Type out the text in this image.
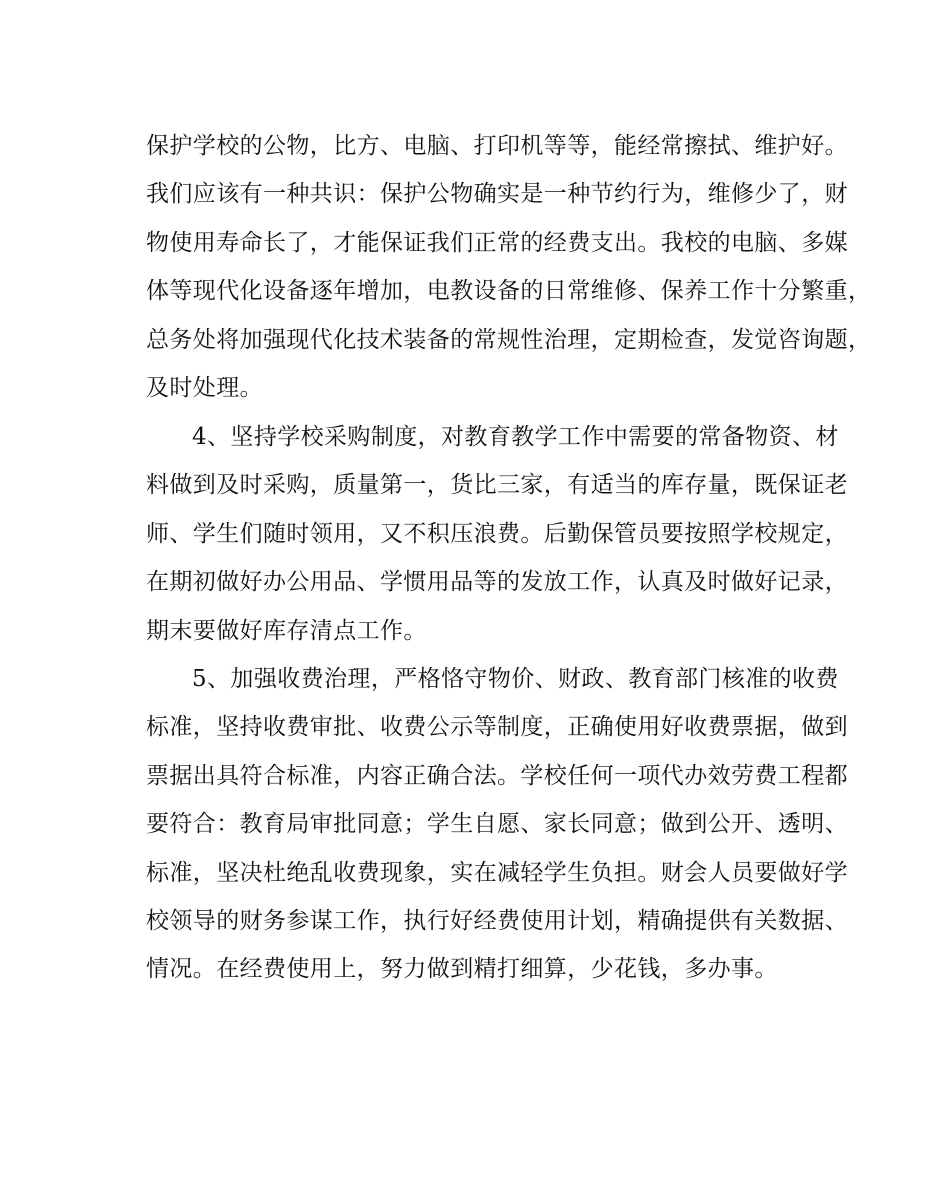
保护学校的公物，比方、电脑、打印机等等，能经常擦拭、维护好。
我们应该有一种共识：保护公物确实是一种节约行为，维修少了，财
物使用寿命长了，才能保证我们正常的经费支出。我校的电脑、多媒
体等现代化设备逐年增加，电教设备的日常维修、保养工作十分繁重，
总务处将加强现代化技术装备的常规性治理，定期检查，发觉咨询题，
及时处理。
4、坚持学校采购制度，对教育教学工作中需要的常备物资、材
料做到及时采购，质量第一，货比三家，有适当的库存量，既保证老
师、学生们随时领用，又不积压浪费。后勤保管员要按照学校规定，
在期初做好办公用品、学惯用品等的发放工作，认真及时做好记录，
期末要做好库存清点工作。
5、加强收费治理，严格恪守物价、财政、教育部门核准的收费
标准，坚持收费审批、收费公示等制度，正确使用好收费票据，做到
票据出具符合标准，内容正确合法。学校任何一项代办效劳费工程都
要符合：教育局审批同意；学生自愿、家长同意；做到公开、透明、
标准，坚决杜绝乱收费现象，实在减轻学生负担。财会人员要做好学
校领导的财务参谋工作，执行好经费使用计划，精确提供有关数据、
情况。在经费使用上，努力做到精打细算，少花钱，多办事。
